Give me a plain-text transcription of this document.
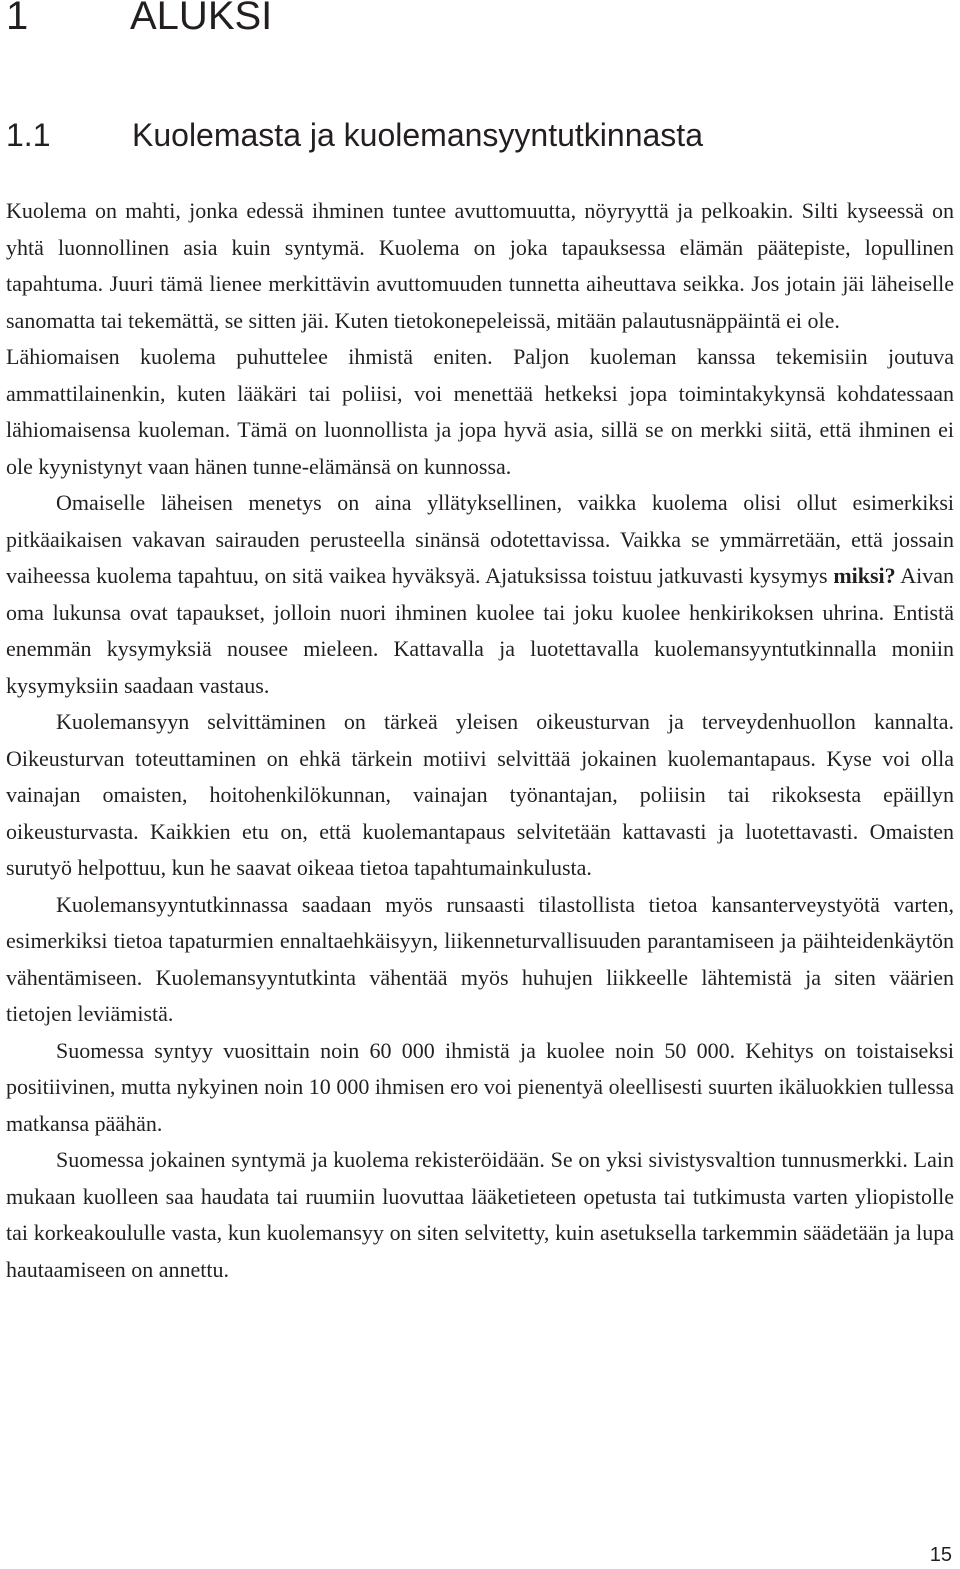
1	ALUKSI
1.1	Kuolemasta ja kuolemansyyntutkinnasta

Kuolema on mahti, jonka edessä ihminen tuntee avuttomuutta, nöyryyttä ja pelkoakin. Silti kyseessä on yhtä luonnollinen asia kuin syntymä. Kuolema on joka tapauksessa elämän päätepiste, lopullinen tapahtuma. Juuri tämä lienee merkittävin avuttomuuden tunnetta aiheuttava seikka. Jos jotain jäi läheiselle sanomatta tai tekemättä, se sitten jäi. Kuten tietokonepeleissä, mitään palautusnäppäintä ei ole.

Lähiomaisen kuolema puhuttelee ihmistä eniten. Paljon kuoleman kanssa tekemisiin joutuva ammattilainenkin, kuten lääkäri tai poliisi, voi menettää hetkeksi jopa toimintakykynsä kohdatessaan lähiomaisensa kuoleman. Tämä on luonnollista ja jopa hyvä asia, sillä se on merkki siitä, että ihminen ei ole kyynistynyt vaan hänen tunne-elämänsä on kunnossa.

Omaiselle läheisen menetys on aina yllätyksellinen, vaikka kuolema olisi ollut esimerkiksi pitkäaikaisen vakavan sairauden perusteella sinänsä odotettavissa. Vaikka se ymmärretään, että jossain vaiheessa kuolema tapahtuu, on sitä vaikea hyväksyä. Ajatuksissa toistuu jatkuvasti kysymys miksi? Aivan oma lukunsa ovat tapaukset, jolloin nuori ihminen kuolee tai joku kuolee henkirikoksen uhrina. Entistä enemmän kysymyksiä nousee mieleen. Kattavalla ja luotettavalla kuolemansyyntutkinnalla moniin kysymyksiin saadaan vastaus.

Kuolemansyyn selvittäminen on tärkeä yleisen oikeusturvan ja terveydenhuollon kannalta. Oikeusturvan toteuttaminen on ehkä tärkein motiivi selvittää jokainen kuolemantapaus. Kyse voi olla vainajan omaisten, hoitohenkilökunnan, vainajan työnantajan, poliisin tai rikoksesta epäillyn oikeusturvasta. Kaikkien etu on, että kuolemantapaus selvitetään kattavasti ja luotettavasti. Omaisten surutyö helpottuu, kun he saavat oikeaa tietoa tapahtumainkulusta.

Kuolemansyyntutkinnassa saadaan myös runsaasti tilastollista tietoa kansanterveystyötä varten, esimerkiksi tietoa tapaturmien ennaltaehkäisyyn, liikenneturvallisuuden parantamiseen ja päihteidenkäytön vähentämiseen. Kuolemansyyntutkinta vähentää myös huhujen liikkeelle lähtemistä ja siten väärien tietojen leviämistä.

Suomessa syntyy vuosittain noin 60 000 ihmistä ja kuolee noin 50 000. Kehitys on toistaiseksi positiivinen, mutta nykyinen noin 10 000 ihmisen ero voi pienentyä oleellisesti suurten ikäluokkien tullessa matkansa päähän.

Suomessa jokainen syntymä ja kuolema rekisteröidään. Se on yksi sivistysvaltion tunnusmerkki. Lain mukaan kuolleen saa haudata tai ruumiin luovuttaa lääketieteen opetusta tai tutkimusta varten yliopistolle tai korkeakoululle vasta, kun kuolemansyy on siten selvitetty, kuin asetuksella tarkemmin säädetään ja lupa hautaamiseen on annettu.

15
